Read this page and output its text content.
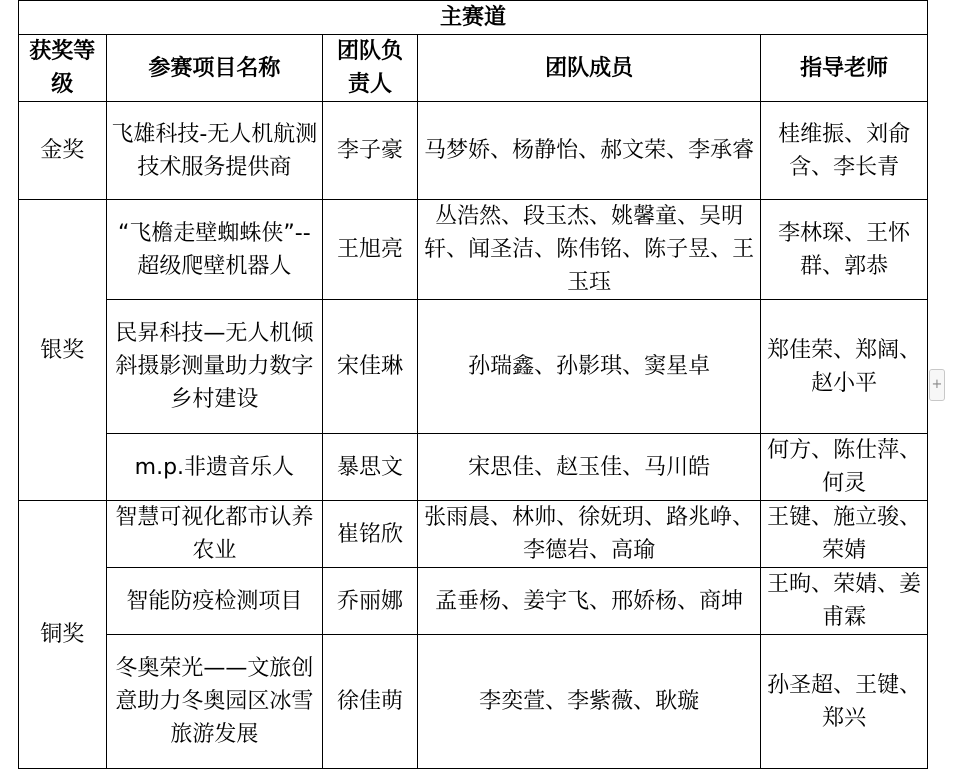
主赛道				
获奖等级	参赛项目名称	团队负责人	团队成员	指导老师
金奖	飞雄科技-无人机航测技术服务提供商	李子豪	马梦娇、杨静怡、郝文荣、李承睿	桂维振、刘俞含、李长青
银奖	“飞檐走壁蜘蛛侠”--超级爬壁机器人	王旭亮	丛浩然、段玉杰、姚馨童、吴明轩、闻圣洁、陈伟铭、陈子昱、王玉珏	李林琛、王怀群、郭恭
	民昇科技—无人机倾斜摄影测量助力数字乡村建设	宋佳琳	孙瑞鑫、孙影琪、窦星卓	郑佳荣、郑阔、赵小平
	m.p.非遗音乐人	暴思文	宋思佳、赵玉佳、马川皓	何方、陈仕萍、何灵
铜奖	智慧可视化都市认养农业	崔铭欣	张雨晨、林帅、徐妩玥、路兆峥、李德岩、高瑜	王键、施立骏、荣婧
	智能防疫检测项目	乔丽娜	孟垂杨、姜宇飞、邢娇杨、商坤	王昫、荣婧、姜甫霖
	冬奥荣光——文旅创意助力冬奥园区冰雪旅游发展	徐佳萌	李奕萱、李紫薇、耿璇	孙圣超、王键、郑兴
+
